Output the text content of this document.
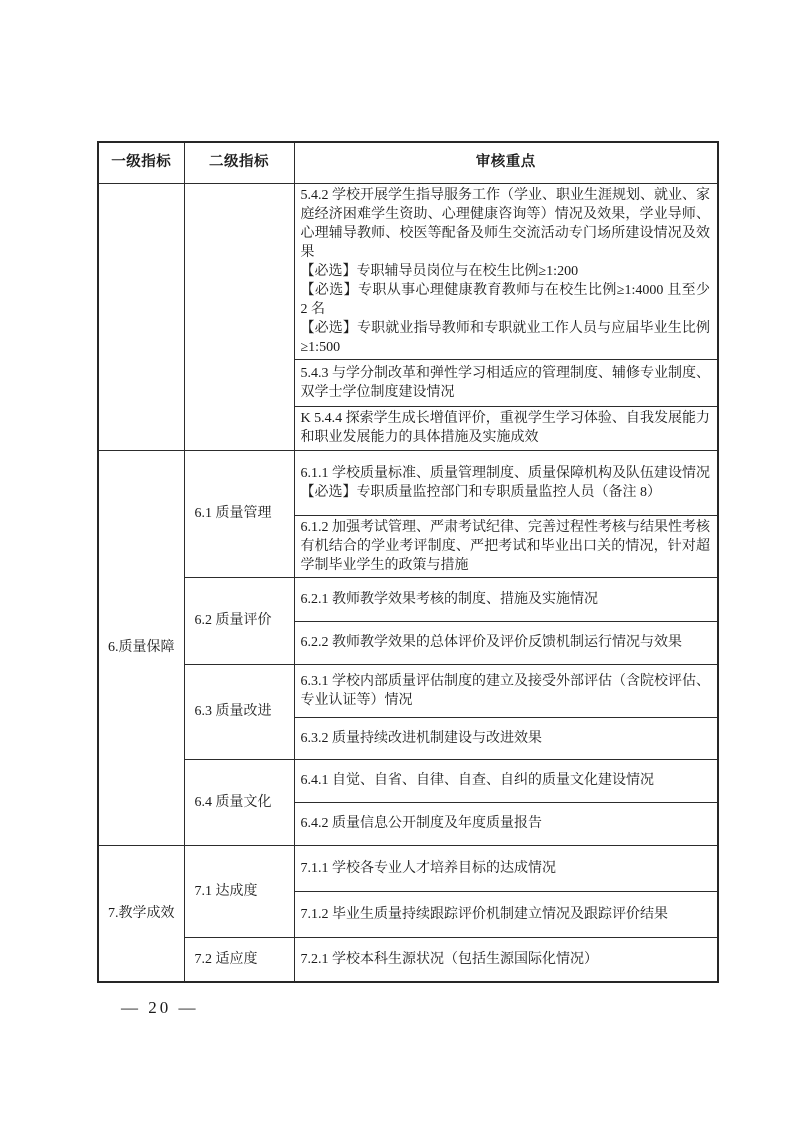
一级指标	二级指标	审核重点

		5.4.2 学校开展学生指导服务工作（学业、职业生涯规划、就业、家庭经济困难学生资助、心理健康咨询等）情况及效果，学业导师、心理辅导教师、校医等配备及师生交流活动专门场所建设情况及效果

【必选】专职辅导员岗位与在校生比例≥1:200

【必选】专职从事心理健康教育教师与在校生比例≥1:4000 且至少 2 名

【必选】专职就业指导教师和专职就业工作人员与应届毕业生比例≥1:500

		5.4.3 与学分制改革和弹性学习相适应的管理制度、辅修专业制度、双学士学位制度建设情况
		K 5.4.4 探索学生成长增值评价，重视学生学习体验、自我发展能力和职业发展能力的具体措施及实施成效
6.质量保障	6.1 质量管理	6.1.1 学校质量标准、质量管理制度、质量保障机构及队伍建设情况

【必选】专职质量监控部门和专职质量监控人员（备注 8）

		6.1.2 加强考试管理、严肃考试纪律、完善过程性考核与结果性考核有机结合的学业考评制度、严把考试和毕业出口关的情况，针对超学制毕业学生的政策与措施
	6.2 质量评价	6.2.1 教师教学效果考核的制度、措施及实施情况
		6.2.2 教师教学效果的总体评价及评价反馈机制运行情况与效果
	6.3 质量改进	6.3.1 学校内部质量评估制度的建立及接受外部评估（含院校评估、专业认证等）情况
		6.3.2 质量持续改进机制建设与改进效果
	6.4 质量文化	6.4.1 自觉、自省、自律、自查、自纠的质量文化建设情况
		6.4.2 质量信息公开制度及年度质量报告
7.教学成效	7.1 达成度	7.1.1 学校各专业人才培养目标的达成情况
		7.1.2 毕业生质量持续跟踪评价机制建立情况及跟踪评价结果
	7.2 适应度	7.2.1 学校本科生源状况（包括生源国际化情况）
— 20 —
